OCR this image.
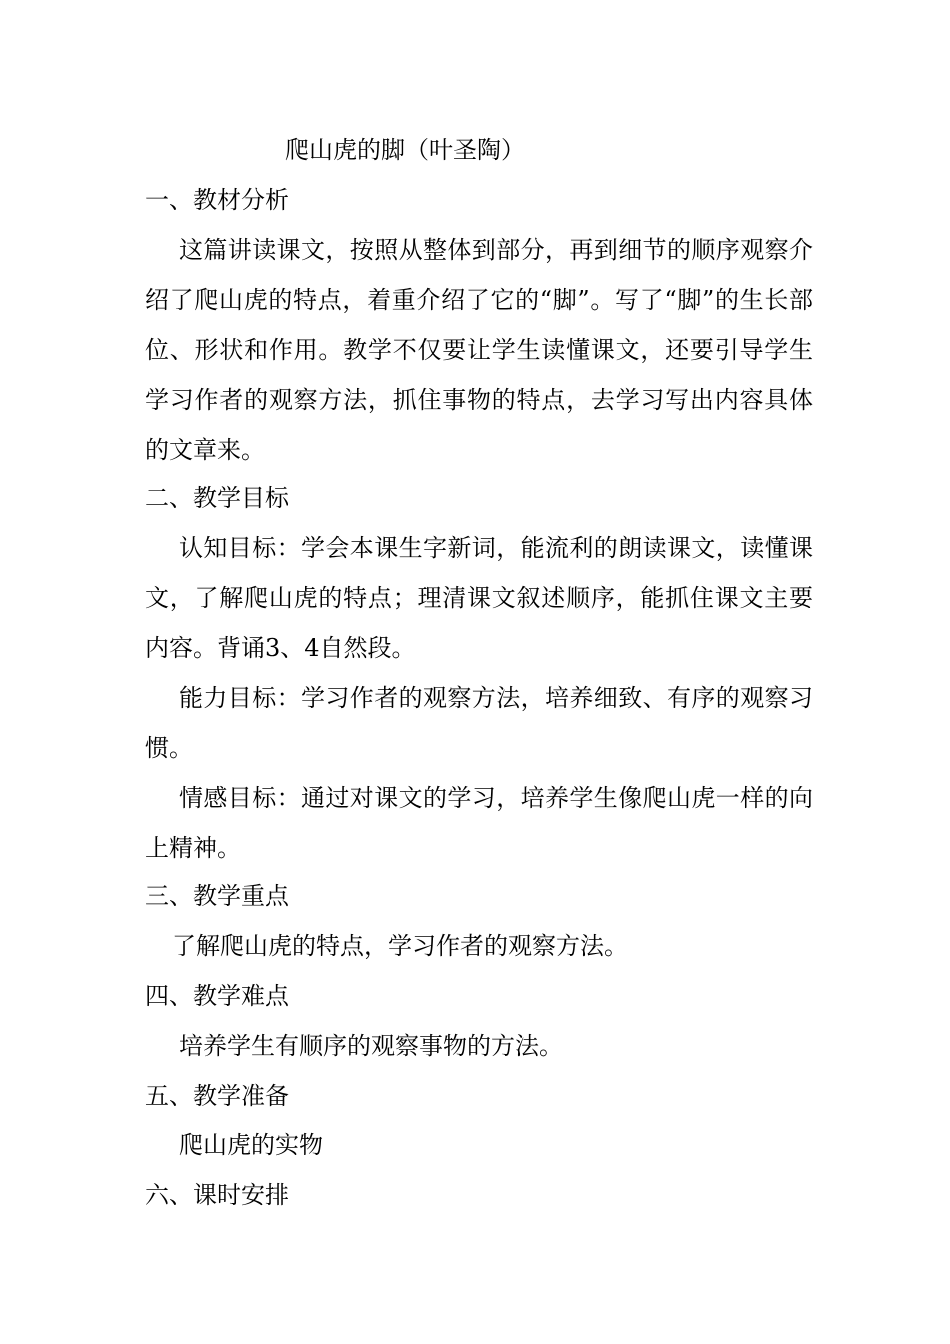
爬山虎的脚（叶圣陶）
一、教材分析
这篇讲读课文，按照从整体到部分，再到细节的顺序观察介绍了爬山虎的特点，着重介绍了它的“脚”。写了“脚”的生长部位、形状和作用。教学不仅要让学生读懂课文，还要引导学生学习作者的观察方法，抓住事物的特点，去学习写出内容具体的文章来。
二、教学目标
认知目标：学会本课生字新词，能流利的朗读课文，读懂课文，了解爬山虎的特点；理清课文叙述顺序，能抓住课文主要内容。背诵3、4自然段。
能力目标：学习作者的观察方法，培养细致、有序的观察习惯。
情感目标：通过对课文的学习，培养学生像爬山虎一样的向上精神。
三、教学重点
了解爬山虎的特点，学习作者的观察方法。
四、教学难点
培养学生有顺序的观察事物的方法。
五、教学准备
爬山虎的实物
六、课时安排
